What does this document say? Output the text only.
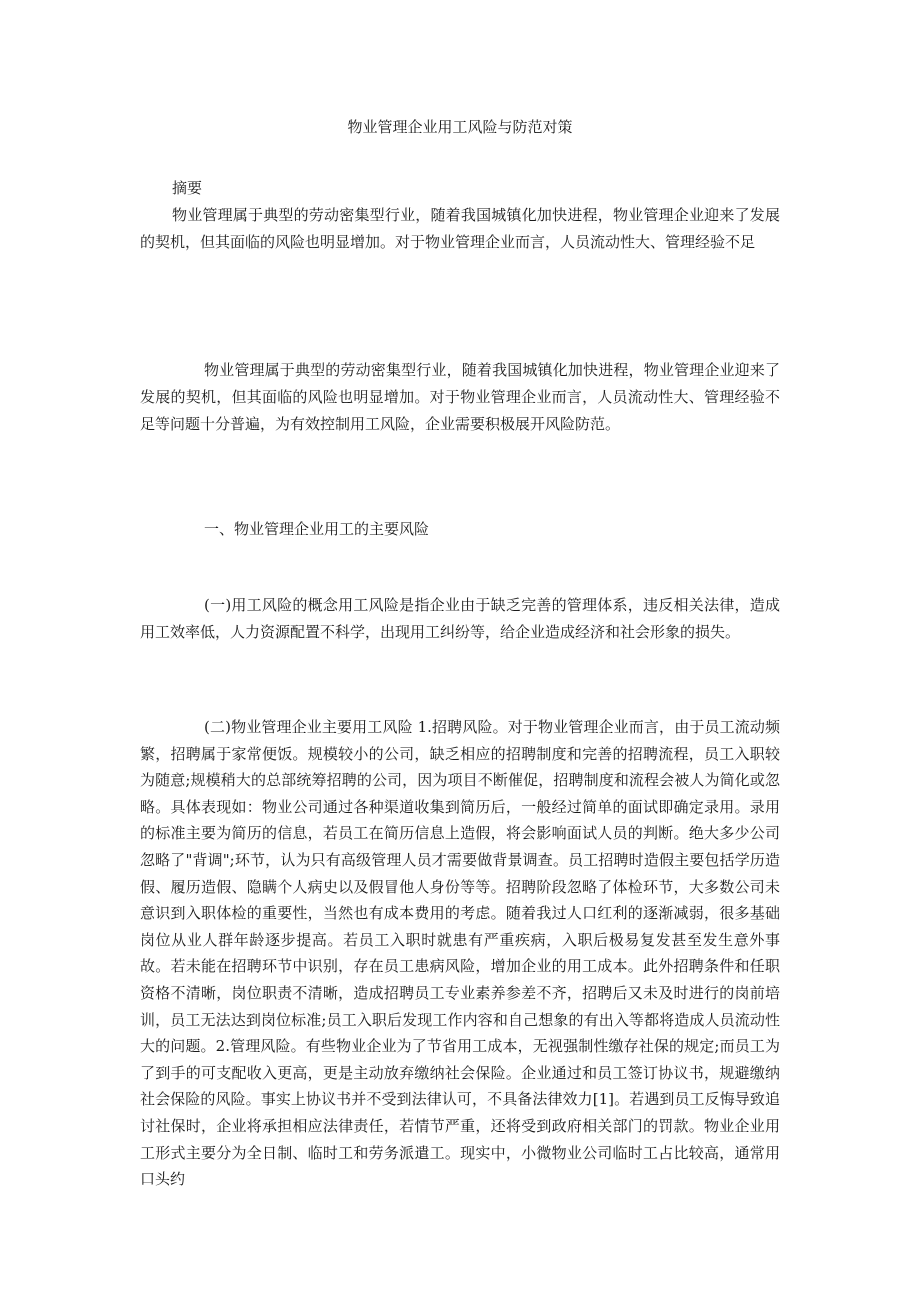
物业管理企业用工风险与防范对策
摘要

物业管理属于典型的劳动密集型行业，随着我国城镇化加快进程，物业管理企业迎来了发展的契机，但其面临的风险也明显增加。对于物业管理企业而言，人员流动性大、管理经验不足

物业管理属于典型的劳动密集型行业，随着我国城镇化加快进程，物业管理企业迎来了发展的契机，但其面临的风险也明显增加。对于物业管理企业而言，人员流动性大、管理经验不足等问题十分普遍，为有效控制用工风险，企业需要积极展开风险防范。

一、物业管理企业用工的主要风险

(一)用工风险的概念用工风险是指企业由于缺乏完善的管理体系，违反相关法律，造成用工效率低，人力资源配置不科学，出现用工纠纷等，给企业造成经济和社会形象的损失。

(二)物业管理企业主要用工风险 1.招聘风险。对于物业管理企业而言，由于员工流动频繁，招聘属于家常便饭。规模较小的公司，缺乏相应的招聘制度和完善的招聘流程，员工入职较为随意;规模稍大的总部统筹招聘的公司，因为项目不断催促，招聘制度和流程会被人为简化或忽略。具体表现如：物业公司通过各种渠道收集到简历后，一般经过简单的面试即确定录用。录用的标准主要为简历的信息，若员工在简历信息上造假，将会影响面试人员的判断。绝大多少公司忽略了"背调";环节，认为只有高级管理人员才需要做背景调查。员工招聘时造假主要包括学历造假、履历造假、隐瞒个人病史以及假冒他人身份等等。招聘阶段忽略了体检环节，大多数公司未意识到入职体检的重要性，当然也有成本费用的考虑。随着我过人口红利的逐渐减弱，很多基础岗位从业人群年龄逐步提高。若员工入职时就患有严重疾病，入职后极易复发甚至发生意外事故。若未能在招聘环节中识别，存在员工患病风险，增加企业的用工成本。此外招聘条件和任职资格不清晰，岗位职责不清晰，造成招聘员工专业素养参差不齐，招聘后又未及时进行的岗前培训，员工无法达到岗位标准;员工入职后发现工作内容和自己想象的有出入等都将造成人员流动性大的问题。2.管理风险。有些物业企业为了节省用工成本，无视强制性缴存社保的规定;而员工为了到手的可支配收入更高，更是主动放弃缴纳社会保险。企业通过和员工签订协议书，规避缴纳社会保险的风险。事实上协议书并不受到法律认可，不具备法律效力[1]。若遇到员工反悔导致追讨社保时，企业将承担相应法律责任，若情节严重，还将受到政府相关部门的罚款。物业企业用工形式主要分为全日制、临时工和劳务派遣工。现实中，小微物业公司临时工占比较高，通常用口头约
